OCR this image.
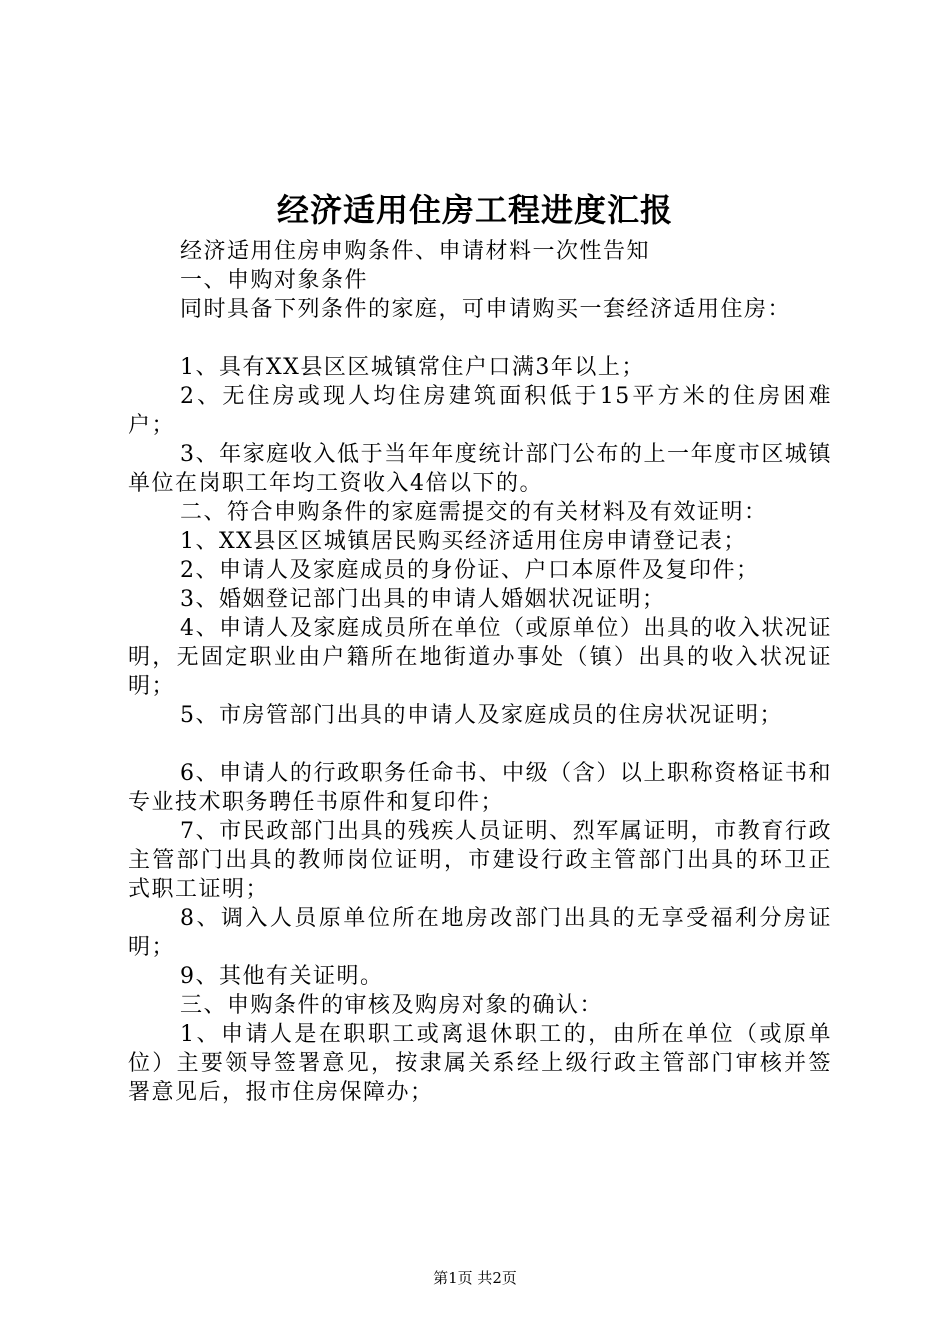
经济适用住房工程进度汇报

经济适用住房申购条件、申请材料一次性告知

一、申购对象条件

同时具备下列条件的家庭，可申请购买一套经济适用住房：

1、具有XX县区区城镇常住户口满3年以上；

2、无住房或现人均住房建筑面积低于15平方米的住房困难户；

3、年家庭收入低于当年年度统计部门公布的上一年度市区城镇单位在岗职工年均工资收入4倍以下的。

二、符合申购条件的家庭需提交的有关材料及有效证明：

1、XX县区区城镇居民购买经济适用住房申请登记表；

2、申请人及家庭成员的身份证、户口本原件及复印件；

3、婚姻登记部门出具的申请人婚姻状况证明；

4、申请人及家庭成员所在单位（或原单位）出具的收入状况证明，无固定职业由户籍所在地街道办事处（镇）出具的收入状况证明；

5、市房管部门出具的申请人及家庭成员的住房状况证明；

6、申请人的行政职务任命书、中级（含）以上职称资格证书和专业技术职务聘任书原件和复印件；

7、市民政部门出具的残疾人员证明、烈军属证明，市教育行政主管部门出具的教师岗位证明，市建设行政主管部门出具的环卫正式职工证明；

8、调入人员原单位所在地房改部门出具的无享受福利分房证明；

9、其他有关证明。

三、申购条件的审核及购房对象的确认：

1、申请人是在职职工或离退休职工的，由所在单位（或原单位）主要领导签署意见，按隶属关系经上级行政主管部门审核并签署意见后，报市住房保障办；

第1页 共2页
